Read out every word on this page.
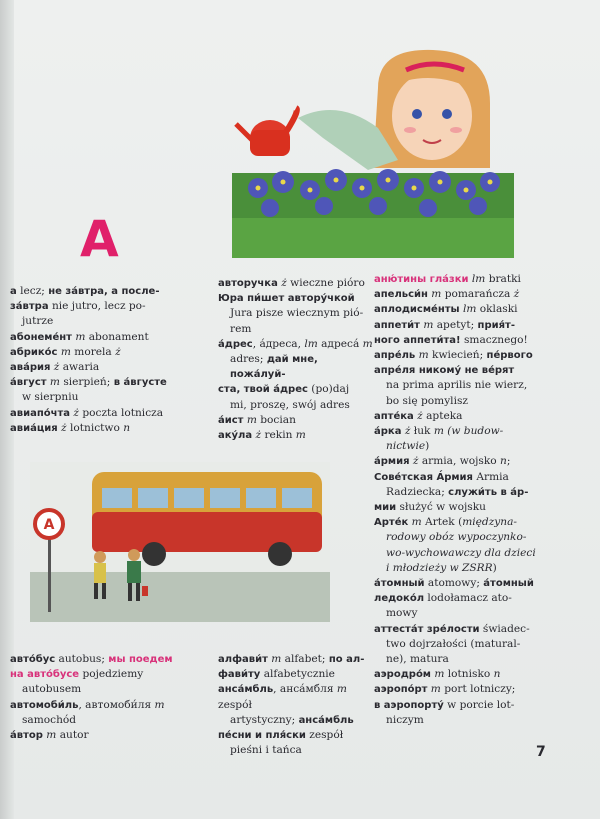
А
А

а lecz; не за́втра, а после-

за́втра nie jutro, lecz po-

jutrze

абонеме́нт m abonament

абрико́с m morela ż

ава́рия ż awaria

а́вгуст m sierpień; в а́вгусте

w sierpniu

авиапо́чта ż poczta lotnicza

авиа́ция ż lotnictwo n

авторучка ż wieczne pióro

Юра пи́шет автору́чкой

Jura pisze wiecznym pió-

rem

а́дрес, а́дреса, lm адреса́ m

adres; дай мне, пожа́луй-

ста, твой а́дрес (po)daj

mi, proszę, swój adres

а́ист m bocian

аку́ла ż rekin m

аню́тины гла́зки lm bratki

апельси́н m pomarańcza ż

аплодисме́нты lm oklaski

аппети́т m apetyt; прия́т-

ного аппети́та! smacznego!

апре́ль m kwiecień; пе́рвого

апре́ля никому́ не ве́рят

na prima aprilis nie wierz,

bo się pomylisz

апте́ка ż apteka

а́рка ż łuk m (w budow-

nictwie)

а́рмия ż armia, wojsko n;

Сове́тская А́рмия Armia

Radziecka; служи́ть в а́р-

мии służyć w wojsku

Арте́к m Artek (międzyna-

rodowy obóz wypoczynko-

wo-wychowawczy dla dzieci

i młodzieży w ZSRR)

а́томный atomowy; а́томный

ледоко́л lodołamacz ato-

mowy

аттеста́т зре́лости świadec-

two dojrzałości (matural-

ne), matura

аэродро́м m lotnisko n

аэропо́рт m port lotniczy;

в аэропорту́ w porcie lot-

niczym

авто́бус autobus; мы поедем

на авто́бусе pojedziemy

autobusem

автомоби́ль, автомоби́ля m

samochód

а́втор m autor

алфави́т m alfabet; по ал-

фави́ту alfabetycznie

анса́мбль, анса́мбля m zespół

artystyczny; анса́мбль

пе́сни и пля́ски zespół

pieśni i tańca	7
